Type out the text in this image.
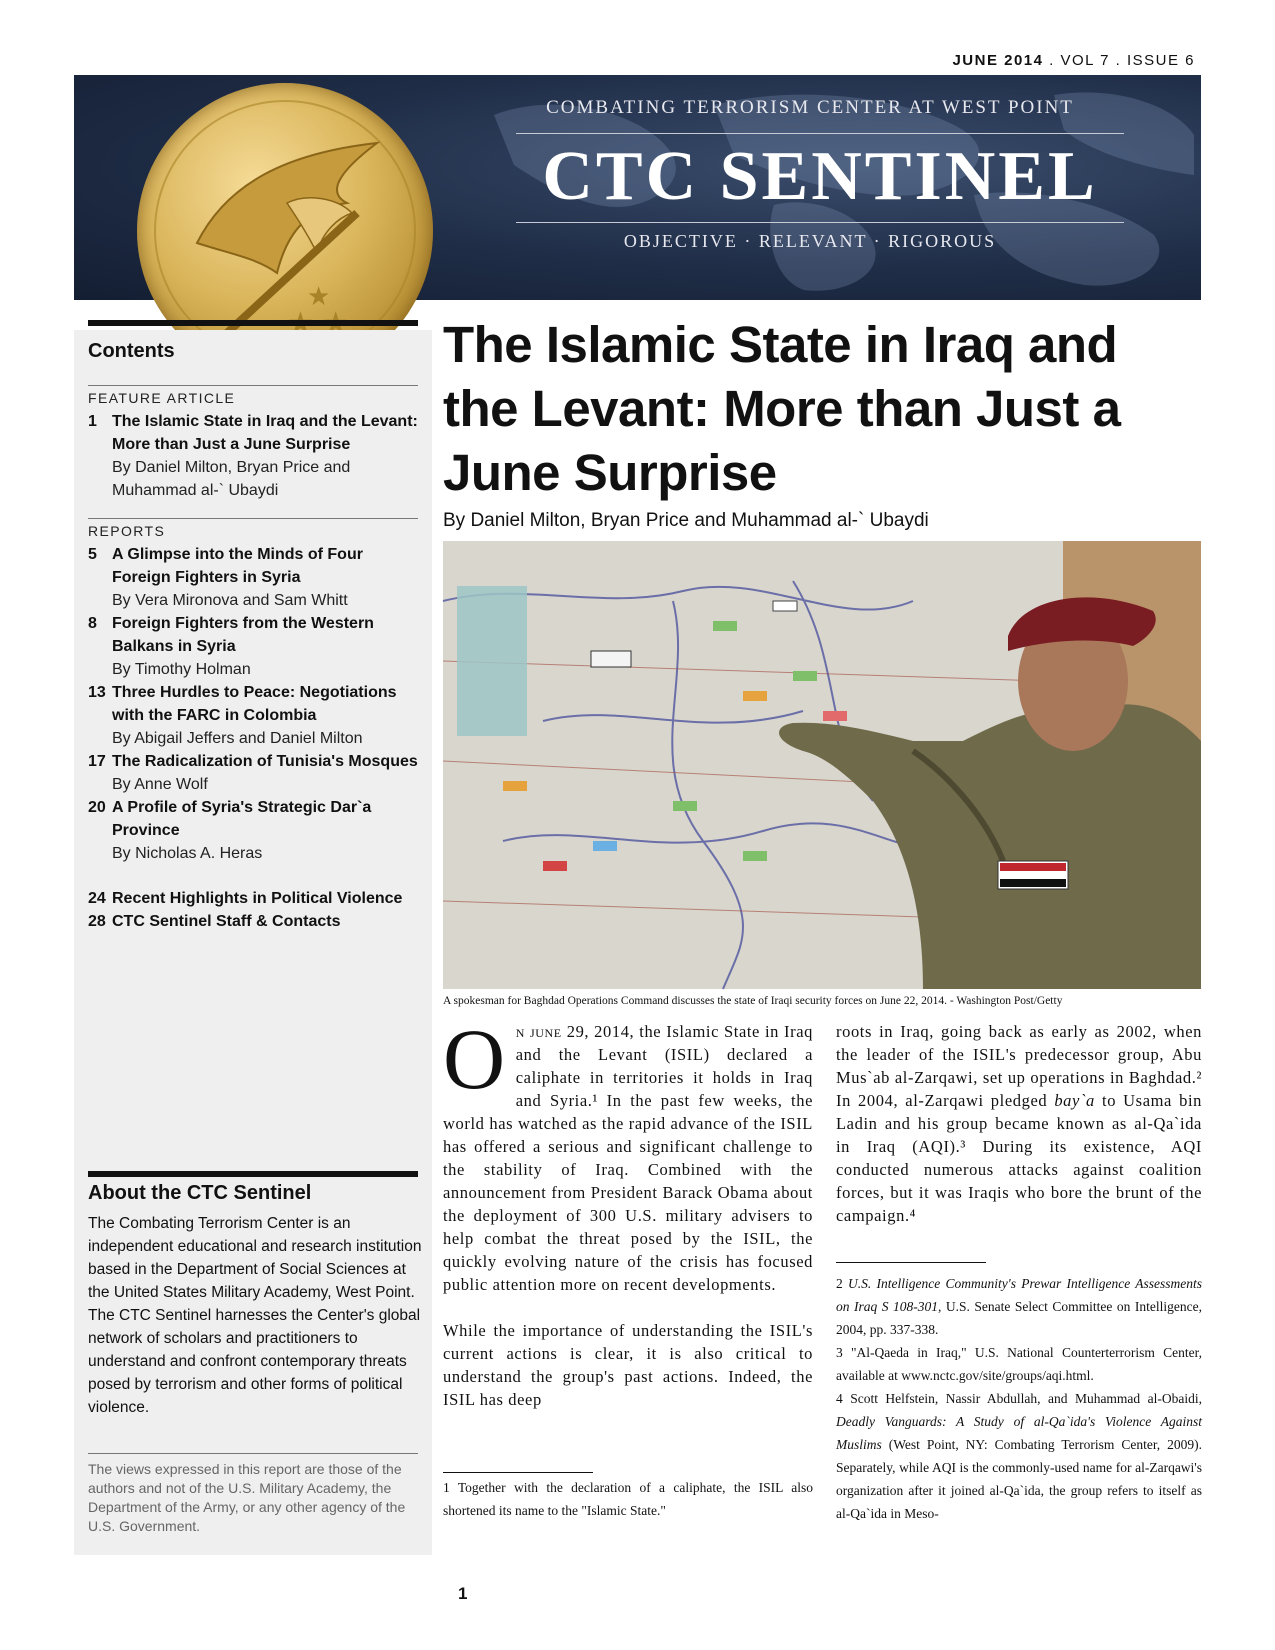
JUNE 2014 . VOL 7 . ISSUE 6
COMBATING TERRORISM CENTER AT WEST POINT
CTC SENTINEL
OBJECTIVE · RELEVANT · RIGOROUS
★
Contents
FEATURE ARTICLE
1 The Islamic State in Iraq and the Levant: More than Just a June Surprise
By Daniel Milton, Bryan Price and Muhammad al-` Ubaydi
REPORTS
5 A Glimpse into the Minds of Four Foreign Fighters in Syria
By Vera Mironova and Sam Whitt
8 Foreign Fighters from the Western Balkans in Syria
By Timothy Holman
13 Three Hurdles to Peace: Negotiations with the FARC in Colombia
By Abigail Jeffers and Daniel Milton
17 The Radicalization of Tunisia's Mosques
By Anne Wolf
20 A Profile of Syria's Strategic Dar`a Province
By Nicholas A. Heras
24 Recent Highlights in Political Violence
28 CTC Sentinel Staff & Contacts
About the CTC Sentinel
The Combating Terrorism Center is an independent educational and research institution based in the Department of Social Sciences at the United States Military Academy, West Point. The CTC Sentinel harnesses the Center's global network of scholars and practitioners to understand and confront contemporary threats posed by terrorism and other forms of political violence.
The views expressed in this report are those of the authors and not of the U.S. Military Academy, the Department of the Army, or any other agency of the U.S. Government.
The Islamic State in Iraq and the Levant: More than Just a June Surprise
By Daniel Milton, Bryan Price and Muhammad al-` Ubaydi
A spokesman for Baghdad Operations Command discusses the state of Iraqi security forces on June 22, 2014. - Washington Post/Getty
On june 29, 2014, the Islamic State in Iraq and the Levant (ISIL) declared a caliphate in territories it holds in Iraq and Syria.¹ In the past few weeks, the world has watched as the rapid advance of the ISIL has offered a serious and significant challenge to the stability of Iraq. Combined with the announcement from President Barack Obama about the deployment of 300 U.S. military advisers to help combat the threat posed by the ISIL, the quickly evolving nature of the crisis has focused public attention more on recent developments.
While the importance of understanding the ISIL's current actions is clear, it is also critical to understand the group's past actions. Indeed, the ISIL has deep
1 Together with the declaration of a caliphate, the ISIL also shortened its name to the "Islamic State."
roots in Iraq, going back as early as 2002, when the leader of the ISIL's predecessor group, Abu Mus`ab al-Zarqawi, set up operations in Baghdad.² In 2004, al-Zarqawi pledged bay`a to Usama bin Ladin and his group became known as al-Qa`ida in Iraq (AQI).³ During its existence, AQI conducted numerous attacks against coalition forces, but it was Iraqis who bore the brunt of the campaign.⁴
2 U.S. Intelligence Community's Prewar Intelligence Assessments on Iraq S 108-301, U.S. Senate Select Committee on Intelligence, 2004, pp. 337-338.
3 "Al-Qaeda in Iraq," U.S. National Counterterrorism Center, available at www.nctc.gov/site/groups/aqi.html.
4 Scott Helfstein, Nassir Abdullah, and Muhammad al-Obaidi, Deadly Vanguards: A Study of al-Qa`ida's Violence Against Muslims (West Point, NY: Combating Terrorism Center, 2009). Separately, while AQI is the commonly-used name for al-Zarqawi's organization after it joined al-Qa`ida, the group refers to itself as al-Qa`ida in Meso-
1
